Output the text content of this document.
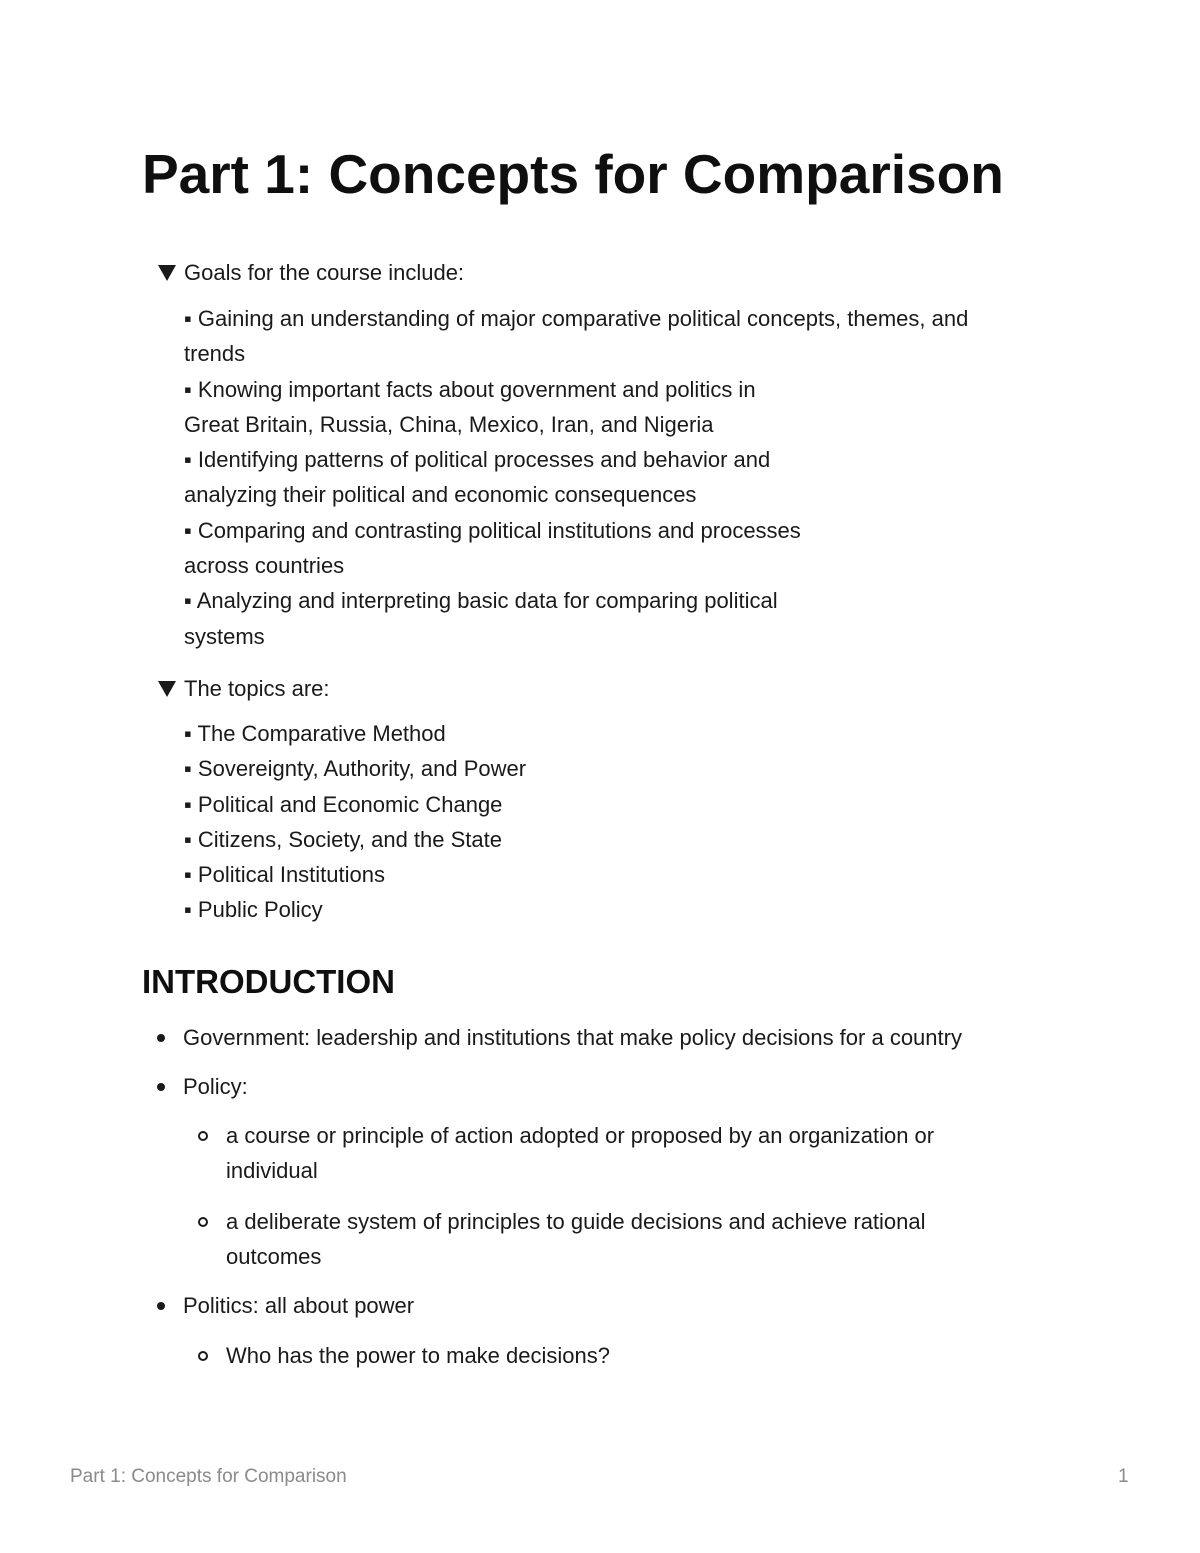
Part 1: Concepts for Comparison
Goals for the course include:
▪ Gaining an understanding of major comparative political concepts, themes, and
trends
▪ Knowing important facts about government and politics in
Great Britain, Russia, China, Mexico, Iran, and Nigeria
▪ Identifying patterns of political processes and behavior and
analyzing their political and economic consequences
▪ Comparing and contrasting political institutions and processes
across countries
▪ Analyzing and interpreting basic data for comparing political
systems
The topics are:
▪ The Comparative Method
▪ Sovereignty, Authority, and Power
▪ Political and Economic Change
▪ Citizens, Society, and the State
▪ Political Institutions
▪ Public Policy
INTRODUCTION
Government: leadership and institutions that make policy decisions for a country
Policy:
a course or principle of action adopted or proposed by an organization or
individual
a deliberate system of principles to guide decisions and achieve rational
outcomes
Politics: all about power
Who has the power to make decisions?
Part 1: Concepts for Comparison	1
